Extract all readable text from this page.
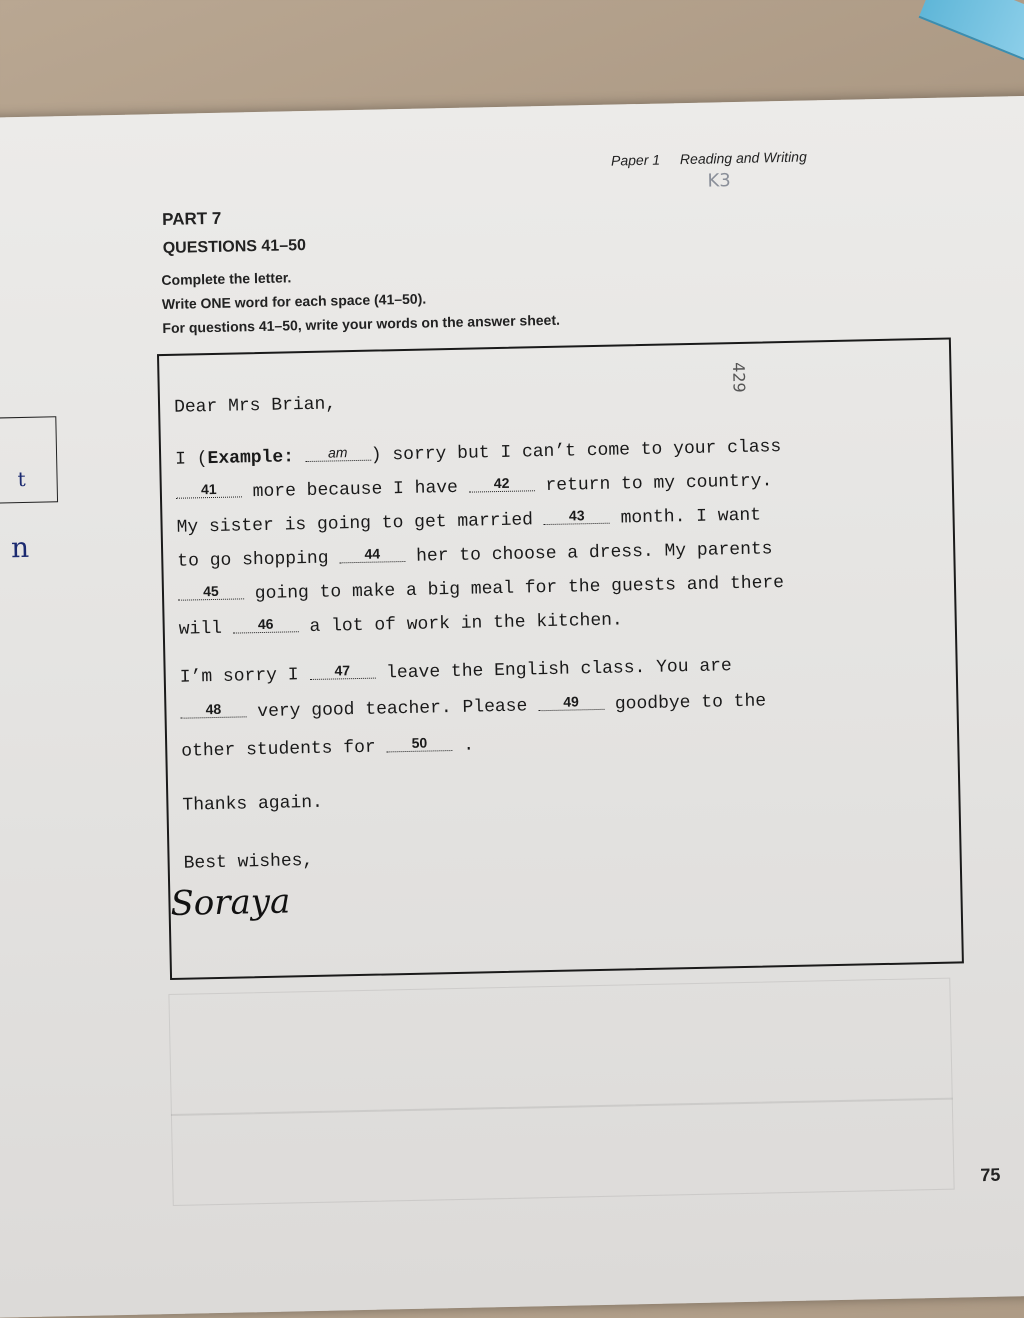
Paper 1 Reading and Writing
K3
PART 7
QUESTIONS 41–50
Complete the letter.
Write ONE word for each space (41–50).
For questions 41–50, write your words on the answer sheet.
t
n
Dear Mrs Brian,
I (Example: am ) sorry but I can’t come to your class
41 more because I have	42 return to my country.
My sister is going to get married	43 month. I want
to go shopping	44 her to choose a dress. My parents
45 going to make a big meal for the guests and there
will	46 a lot of work in the kitchen.
I’m sorry I	47 leave the English class. You are
48 very good teacher. Please	49 goodbye to the
other students for	50 .
Thanks again.
Best wishes,
Soraya
429
75
